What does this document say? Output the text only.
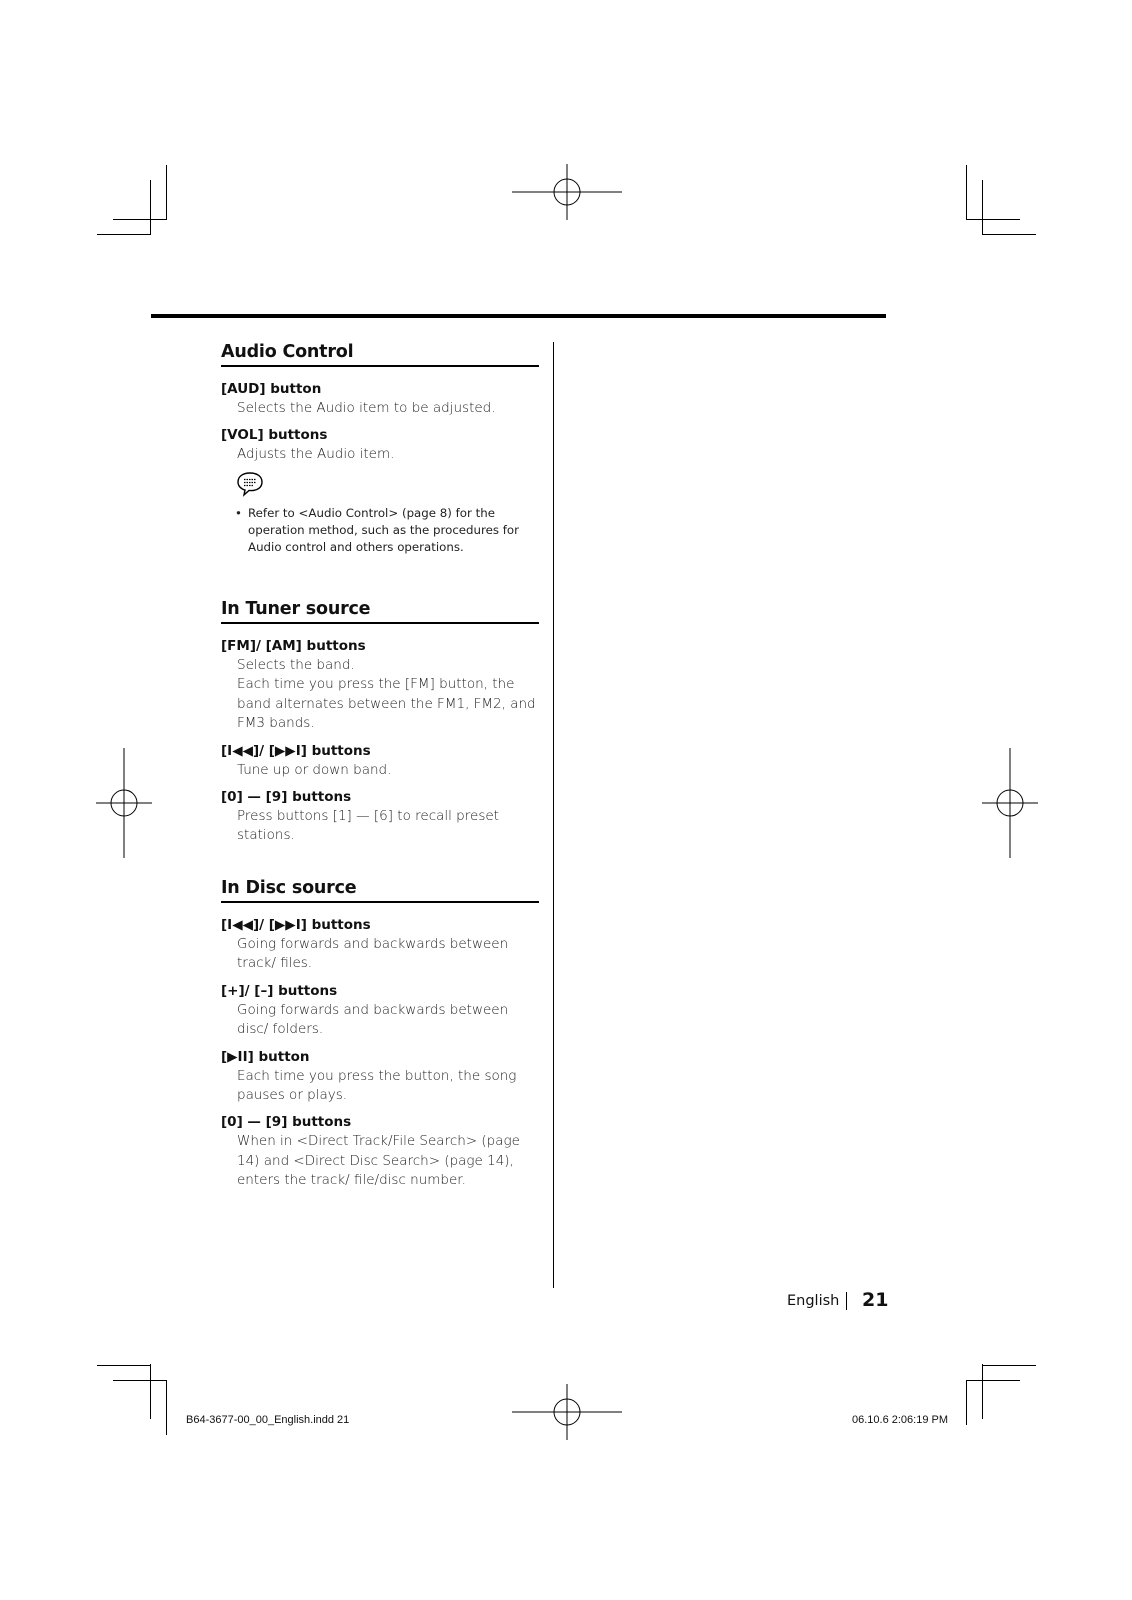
Audio Control
[AUD] button
Selects the Audio item to be adjusted.
[VOL] buttons
Adjusts the Audio item.
• Refer to <Audio Control> (page 8) for the operation method, such as the procedures for Audio control and others operations.
In Tuner source
[FM]/ [AM] buttons
Selects the band.
Each time you press the [FM] button, the band alternates between the FM1, FM2, and FM3 bands.
[I◀◀]/ [▶▶I] buttons
Tune up or down band.
[0] — [9] buttons
Press buttons [1] — [6] to recall preset stations.
In Disc source
[I◀◀]/ [▶▶I] buttons
Going forwards and backwards between track/ files.
[+]/ [–] buttons
Going forwards and backwards between disc/ folders.
[▶II] button
Each time you press the button, the song pauses or plays.
[0] — [9] buttons
When in <Direct Track/File Search> (page 14) and <Direct Disc Search> (page 14), enters the track/ file/disc number.
English 21
B64-3677-00_00_English.indd 21	06.10.6 2:06:19 PM
